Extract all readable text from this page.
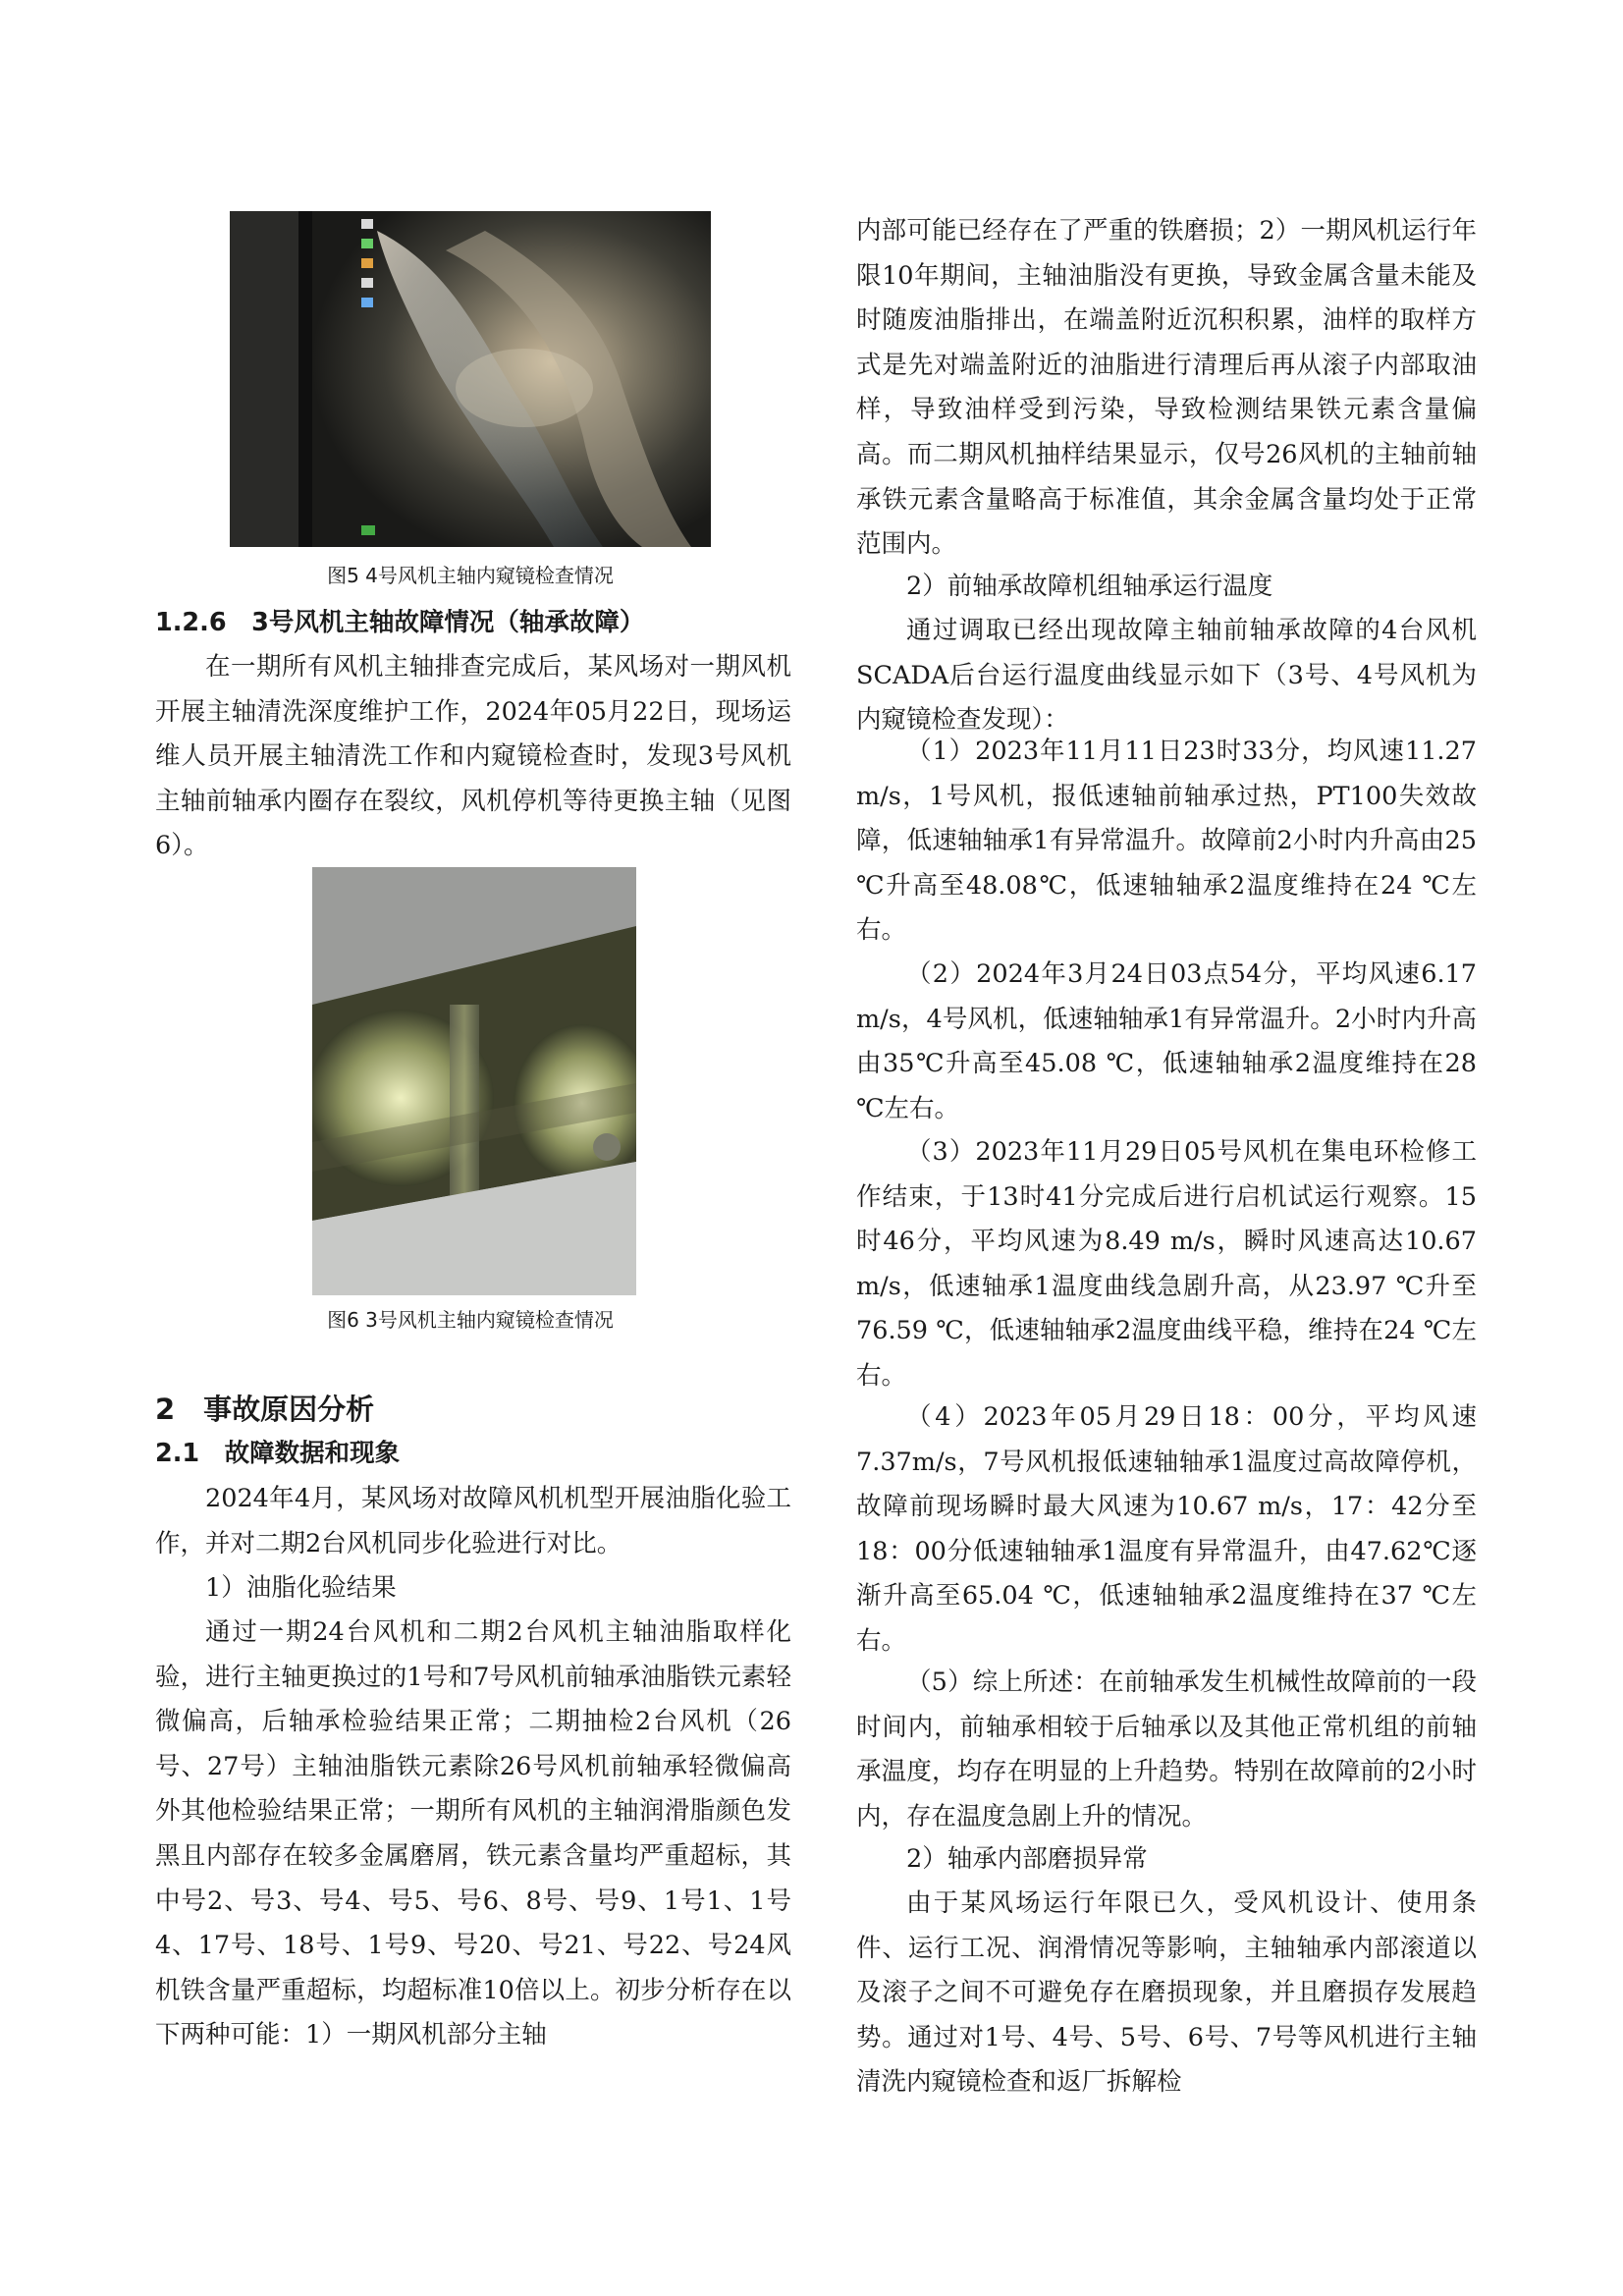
图5 4号风机主轴内窥镜检查情况

1.2.6　3号风机主轴故障情况（轴承故障）

在一期所有风机主轴排查完成后，某风场对一期风机开展主轴清洗深度维护工作，2024年05月22日，现场运维人员开展主轴清洗工作和内窥镜检查时，发现3号风机主轴前轴承内圈存在裂纹，风机停机等待更换主轴（见图6）。

图6 3号风机主轴内窥镜检查情况

2　事故原因分析
2.1　故障数据和现象

2024年4月，某风场对故障风机机型开展油脂化验工作，并对二期2台风机同步化验进行对比。

1）油脂化验结果

通过一期24台风机和二期2台风机主轴油脂取样化验，进行主轴更换过的1号和7号风机前轴承油脂铁元素轻微偏高，后轴承检验结果正常；二期抽检2台风机（26号、27号）主轴油脂铁元素除26号风机前轴承轻微偏高外其他检验结果正常；一期所有风机的主轴润滑脂颜色发黑且内部存在较多金属磨屑，铁元素含量均严重超标，其中号2、号3、号4、号5、号6、8号、号9、1号1、1号4、17号、18号、1号9、号20、号21、号22、号24风机铁含量严重超标，均超标准10倍以上。初步分析存在以下两种可能：1）一期风机部分主轴

内部可能已经存在了严重的铁磨损；2）一期风机运行年限10年期间，主轴油脂没有更换，导致金属含量未能及时随废油脂排出，在端盖附近沉积积累，油样的取样方式是先对端盖附近的油脂进行清理后再从滚子内部取油样，导致油样受到污染，导致检测结果铁元素含量偏高。而二期风机抽样结果显示，仅号26风机的主轴前轴承铁元素含量略高于标准值，其余金属含量均处于正常范围内。

2）前轴承故障机组轴承运行温度

通过调取已经出现故障主轴前轴承故障的4台风机SCADA后台运行温度曲线显示如下（3号、4号风机为内窥镜检查发现）：

（1）2023年11月11日23时33分，均风速11.27 m/s，1号风机，报低速轴前轴承过热，PT100失效故障，低速轴轴承1有异常温升。故障前2小时内升高由25　℃升高至48.08℃，低速轴轴承2温度维持在24 ℃左右。

（2）2024年3月24日03点54分，平均风速6.17 m/s，4号风机，低速轴轴承1有异常温升。2小时内升高由35℃升高至45.08 ℃，低速轴轴承2温度维持在28 ℃左右。

（3）2023年11月29日05号风机在集电环检修工作结束，于13时41分完成后进行启机试运行观察。15时46分，平均风速为8.49 m/s，瞬时风速高达10.67 m/s，低速轴承1温度曲线急剧升高，从23.97 ℃升至76.59 ℃，低速轴轴承2温度曲线平稳，维持在24 ℃左右。

（4）2023年05月29日18：00分，平均风速7.37m/s，7号风机报低速轴轴承1温度过高故障停机，故障前现场瞬时最大风速为10.67 m/s，17：42分至18：00分低速轴轴承1温度有异常温升，由47.62℃逐渐升高至65.04 ℃，低速轴轴承2温度维持在37 ℃左右。

（5）综上所述：在前轴承发生机械性故障前的一段时间内，前轴承相较于后轴承以及其他正常机组的前轴承温度，均存在明显的上升趋势。特别在故障前的2小时内，存在温度急剧上升的情况。

2）轴承内部磨损异常

由于某风场运行年限已久，受风机设计、使用条件、运行工况、润滑情况等影响，主轴轴承内部滚道以及滚子之间不可避免存在磨损现象，并且磨损存发展趋势。通过对1号、4号、5号、6号、7号等风机进行主轴清洗内窥镜检查和返厂拆解检
